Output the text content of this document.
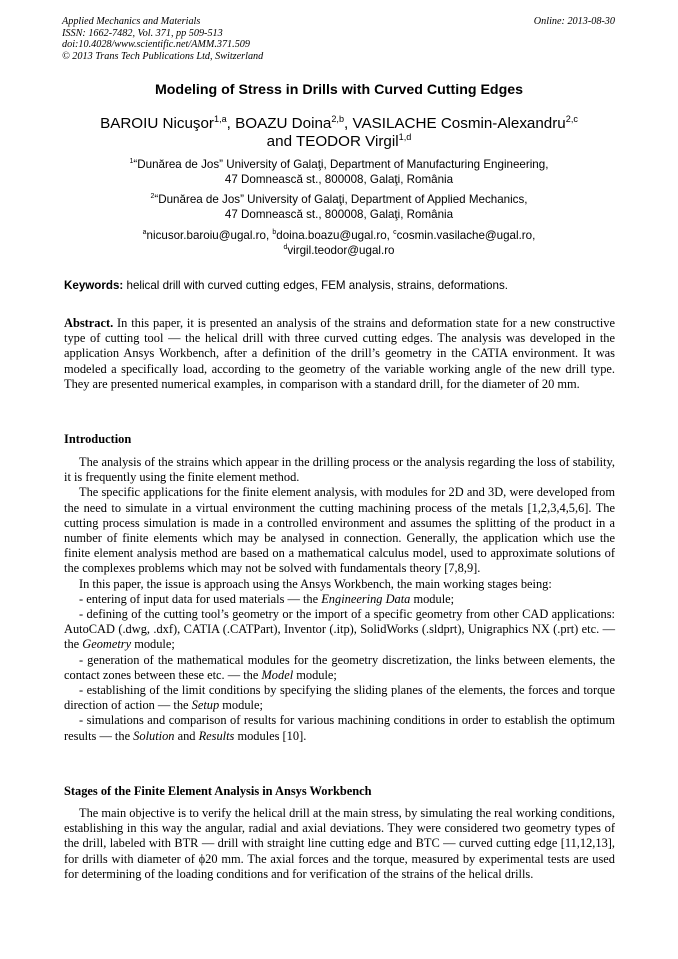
Applied Mechanics and Materials
ISSN: 1662-7482, Vol. 371, pp 509-513
doi:10.4028/www.scientific.net/AMM.371.509
© 2013 Trans Tech Publications Ltd, Switzerland
Online: 2013-08-30
Modeling of Stress in Drills with Curved Cutting Edges
BAROIU Nicuşor$^{1,a}$, BOAZU Doina$^{2,b}$, VASILACHE Cosmin-Alexandru$^{2,c}$
and TEODOR Virgil$^{1,d}$
$^1$“Dunărea de Jos” University of Galaţi, Department of Manufacturing Engineering,
47 Domnească st., 800008, Galaţi, România
$^2$“Dunărea de Jos” University of Galaţi, Department of Applied Mechanics,
47 Domnească st., 800008, Galaţi, România
$^a$nicusor.baroiu@ugal.ro, $^b$doina.boazu@ugal.ro, $^c$cosmin.vasilache@ugal.ro,
$^d$virgil.teodor@ugal.ro
Keywords: helical drill with curved cutting edges, FEM analysis, strains, deformations.

Abstract. In this paper, it is presented an analysis of the strains and deformation state for a new constructive type of cutting tool — the helical drill with three curved cutting edges. The analysis was developed in the application Ansys Workbench, after a definition of the drill’s geometry in the CATIA environment. It was modeled a specifically load, according to the geometry of the variable working angle of the new drill type. They are presented numerical examples, in comparison with a standard drill, for the diameter of 20 mm.

Introduction

The analysis of the strains which appear in the drilling process or the analysis regarding the loss of stability, it is frequently using the finite element method.

The specific applications for the finite element analysis, with modules for 2D and 3D, were developed from the need to simulate in a virtual environment the cutting machining process of the metals [1,2,3,4,5,6]. The cutting process simulation is made in a controlled environment and assumes the splitting of the product in a number of finite elements which may be analysed in connection. Generally, the application which use the finite element analysis method are based on a mathematical calculus model, used to approximate solutions of the complexes problems which may not be solved with fundamentals theory [7,8,9].

In this paper, the issue is approach using the Ansys Workbench, the main working stages being:

- entering of input data for used materials — the Engineering Data module;

- defining of the cutting tool’s geometry or the import of a specific geometry from other CAD applications: AutoCAD (.dwg, .dxf), CATIA (.CATPart), Inventor (.itp), SolidWorks (.sldprt), Unigraphics NX (.prt) etc. — the Geometry module;

- generation of the mathematical modules for the geometry discretization, the links between elements, the contact zones between these etc. — the Model module;

- establishing of the limit conditions by specifying the sliding planes of the elements, the forces and torque direction of action — the Setup module;

- simulations and comparison of results for various machining conditions in order to establish the optimum results — the Solution and Results modules [10].

Stages of the Finite Element Analysis in Ansys Workbench

The main objective is to verify the helical drill at the main stress, by simulating the real working conditions, establishing in this way the angular, radial and axial deviations. They were considered two geometry types of the drill, labeled with BTR — drill with straight line cutting edge and BTC — curved cutting edge [11,12,13], for drills with diameter of ϕ20 mm. The axial forces and the torque, measured by experimental tests are used for determining of the loading conditions and for verification of the strains of the helical drills.
